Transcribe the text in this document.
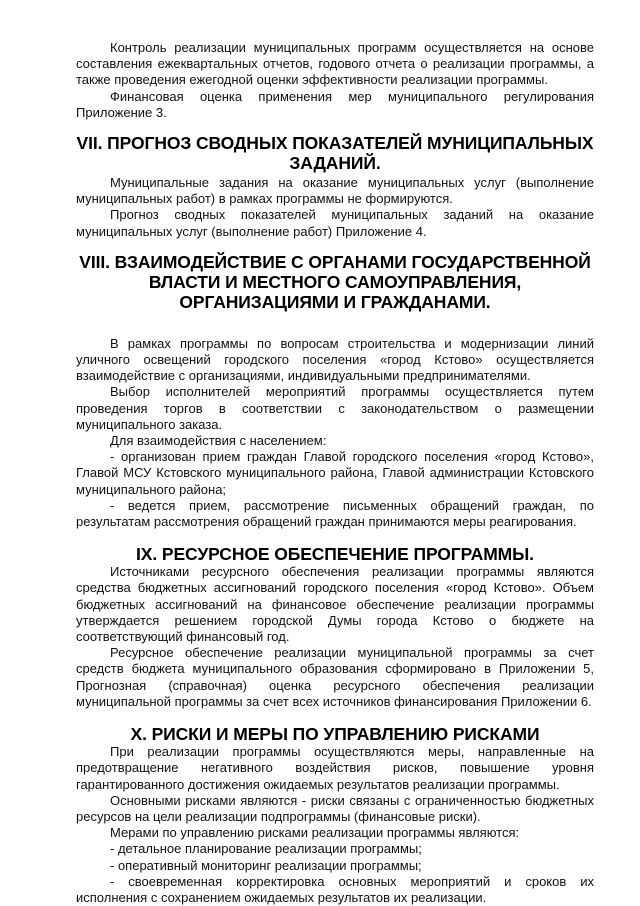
Контроль реализации муниципальных программ осуществляется на основе составления ежеквартальных отчетов, годового отчета о реализации программы, а также проведения ежегодной оценки эффективности реализации программы.

Финансовая оценка применения мер муниципального регулирования Приложение 3.

VII. ПРОГНОЗ СВОДНЫХ ПОКАЗАТЕЛЕЙ МУНИЦИПАЛЬНЫХ ЗАДАНИЙ.

Муниципальные задания на оказание муниципальных услуг (выполнение муниципальных работ) в рамках программы не формируются.

Прогноз сводных показателей муниципальных заданий на оказание муниципальных услуг (выполнение работ) Приложение 4.

VIII. ВЗАИМОДЕЙСТВИЕ С ОРГАНАМИ ГОСУДАРСТВЕННОЙ ВЛАСТИ И МЕСТНОГО САМОУПРАВЛЕНИЯ, ОРГАНИЗАЦИЯМИ И ГРАЖДАНАМИ.

В рамках программы по вопросам строительства и модернизации линий уличного освещений городского поселения «город Кстово» осуществляется взаимодействие с организациями, индивидуальными предпринимателями.

Выбор исполнителей мероприятий программы осуществляется путем проведения торгов в соответствии с законодательством о размещении муниципального заказа.

Для взаимодействия с населением:

- организован прием граждан Главой городского поселения «город Кстово», Главой МСУ Кстовского муниципального района, Главой администрации Кстовского муниципального района;

- ведется прием, рассмотрение письменных обращений граждан, по результатам рассмотрения обращений граждан принимаются меры реагирования.

IX. РЕСУРСНОЕ ОБЕСПЕЧЕНИЕ ПРОГРАММЫ.

Источниками ресурсного обеспечения реализации программы являются средства бюджетных ассигнований городского поселения «город Кстово». Объем бюджетных ассигнований на финансовое обеспечение реализации программы утверждается решением городской Думы города Кстово о бюджете на соответствующий финансовый год.

Ресурсное обеспечение реализации муниципальной программы за счет средств бюджета муниципального образования сформировано в Приложении 5, Прогнозная (справочная) оценка ресурсного обеспечения реализации муниципальной программы за счет всех источников финансирования Приложении 6.

X. РИСКИ И МЕРЫ ПО УПРАВЛЕНИЮ РИСКАМИ

При реализации программы осуществляются меры, направленные на предотвращение негативного воздействия рисков, повышение уровня гарантированного достижения ожидаемых результатов реализации программы.

Основными рисками являются - риски связаны с ограниченностью бюджетных ресурсов на цели реализации подпрограммы (финансовые риски).

Мерами по управлению рисками реализации программы являются:

- детальное планирование реализации программы;

- оперативный мониторинг реализации программы;

- своевременная корректировка основных мероприятий и сроков их исполнения с сохранением ожидаемых результатов их реализации.
